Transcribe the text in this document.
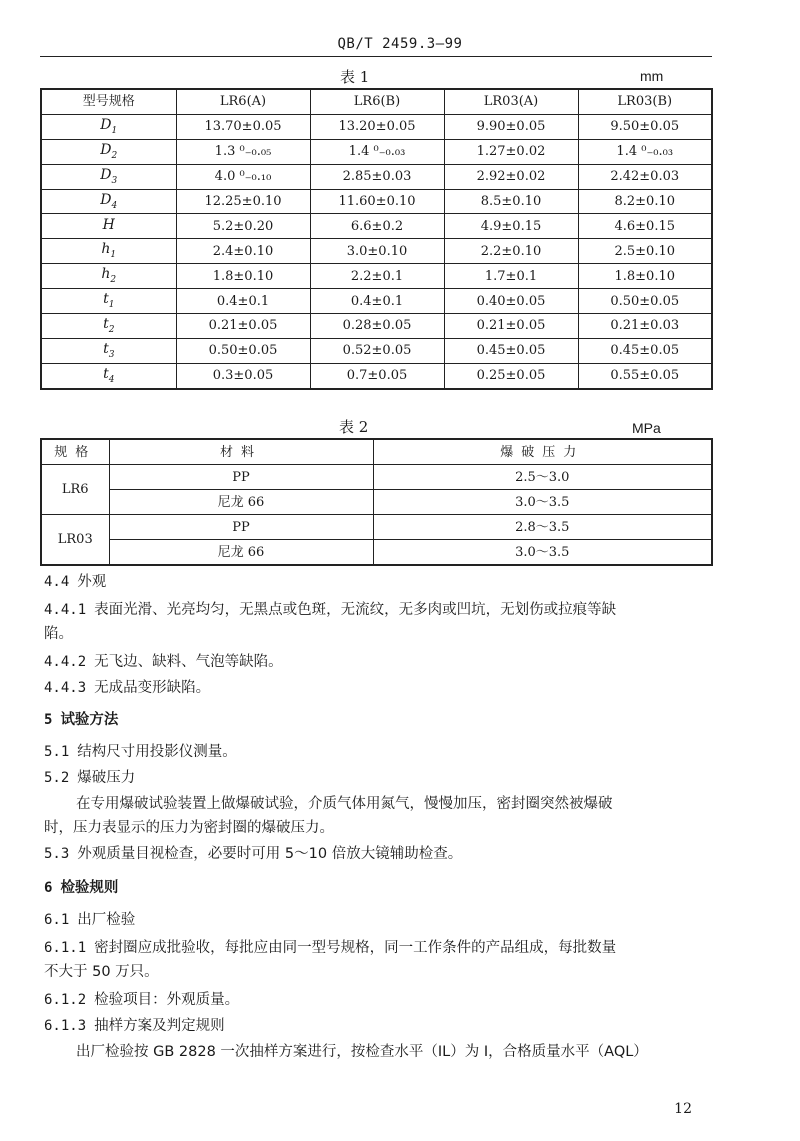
QB/T 2459.3—99
表 1	mm
型号规格	LR6(A)	LR6(B)	LR03(A)	LR03(B)
$D_1$	13.70±0.05	13.20±0.05	9.90±0.05	9.50±0.05
$D_2$	1.3 ⁰₋₀.₀₅	1.4 ⁰₋₀.₀₃	1.27±0.02	1.4 ⁰₋₀.₀₃
$D_3$	4.0 ⁰₋₀.₁₀	2.85±0.03	2.92±0.02	2.42±0.03
$D_4$	12.25±0.10	11.60±0.10	8.5±0.10	8.2±0.10
H	5.2±0.20	6.6±0.2	4.9±0.15	4.6±0.15
$h_1$	2.4±0.10	3.0±0.10	2.2±0.10	2.5±0.10
$h_2$	1.8±0.10	2.2±0.1	1.7±0.1	1.8±0.10
$t_1$	0.4±0.1	0.4±0.1	0.40±0.05	0.50±0.05
$t_2$	0.21±0.05	0.28±0.05	0.21±0.05	0.21±0.03
$t_3$	0.50±0.05	0.52±0.05	0.45±0.05	0.45±0.05
$t_4$	0.3±0.05	0.7±0.05	0.25±0.05	0.55±0.05
表 2	MPa
规格	材料	爆破压力
LR6	PP	2.5～3.0
	尼龙 66	3.0～3.5
LR03	PP	2.8～3.5
	尼龙 66	3.0～3.5
4.4 外观
4.4.1 表面光滑、光亮均匀，无黑点或色斑，无流纹，无多肉或凹坑，无划伤或拉痕等缺
陷。
4.4.2 无飞边、缺料、气泡等缺陷。
4.4.3 无成品变形缺陷。
5 试验方法
5.1 结构尺寸用投影仪测量。
5.2 爆破压力
在专用爆破试验装置上做爆破试验，介质气体用氮气，慢慢加压，密封圈突然被爆破
时，压力表显示的压力为密封圈的爆破压力。
5.3 外观质量目视检查，必要时可用 5～10 倍放大镜辅助检查。
6 检验规则
6.1 出厂检验
6.1.1 密封圈应成批验收，每批应由同一型号规格，同一工作条件的产品组成，每批数量
不大于 50 万只。
6.1.2 检验项目：外观质量。
6.1.3 抽样方案及判定规则
出厂检验按 GB 2828 一次抽样方案进行，按检查水平（IL）为 Ⅰ，合格质量水平（AQL）
12
